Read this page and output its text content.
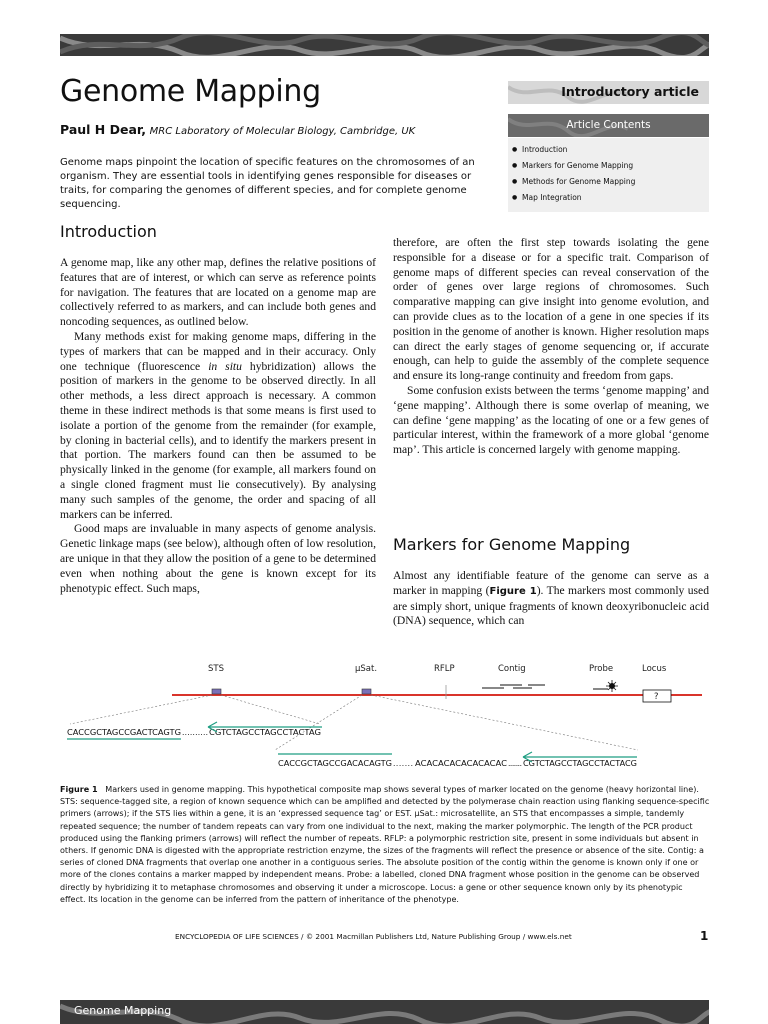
Genome Mapping
Paul H Dear, MRC Laboratory of Molecular Biology, Cambridge, UK
Genome maps pinpoint the location of specific features on the chromosomes of an organism. They are essential tools in identifying genes responsible for diseases or traits, for comparing the genomes of different species, and for complete genome sequencing.
Introductory article
Article Contents
● Introduction
● Markers for Genome Mapping
● Methods for Genome Mapping
● Map Integration
Introduction

A genome map, like any other map, defines the relative positions of features that are of interest, or which can serve as reference points for navigation. The features that are located on a genome map are collectively referred to as markers, and can include both genes and noncoding sequences, as outlined below.

Many methods exist for making genome maps, differing in the types of markers that can be mapped and in their accuracy. Only one technique (fluorescence in situ hybridization) allows the position of markers in the genome to be observed directly. In all other methods, a less direct approach is necessary. A common theme in these indirect methods is that some means is first used to isolate a portion of the genome from the remainder (for example, by cloning in bacterial cells), and to identify the markers present in that portion. The markers found can then be assumed to be physically linked in the genome (for example, all markers found on a single cloned fragment must lie consecutively). By analysing many such samples of the genome, the order and spacing of all markers can be inferred.

Good maps are invaluable in many aspects of genome analysis. Genetic linkage maps (see below), although often of low resolution, are unique in that they allow the position of a gene to be determined even when nothing about the gene is known except for its phenotypic effect. Such maps,

therefore, are often the first step towards isolating the gene responsible for a disease or for a specific trait. Comparison of genome maps of different species can reveal conservation of the order of genes over large regions of chromosomes. Such comparative mapping can give insight into genome evolution, and can provide clues as to the location of a gene in one species if its position in the genome of another is known. Higher resolution maps can direct the early stages of genome sequencing or, if accurate enough, can help to guide the assembly of the complete sequence and ensure its long-range continuity and freedom from gaps.

Some confusion exists between the terms ‘genome mapping’ and ‘gene mapping’. Although there is some overlap of meaning, we can define ‘gene mapping’ as the locating of one or a few genes of particular interest, within the framework of a more global ‘genome map’. This article is concerned largely with genome mapping.

Markers for Genome Mapping

Almost any identifiable feature of the genome can serve as a marker in mapping (Figure 1). The markers most commonly used are simply short, unique fragments of known deoxyribonucleic acid (DNA) sequence, which can

STS	µSat.	RFLP	Contig	Probe	Locus
?
CACCGCTAGCCGACTCAGTG .......... CGTCTAGCCTAGCCTACTAG
CACCGCTAGCCGACACAGTG ....... ACACACACACACACAC ....... CGTCTAGCCTAGCCTACTACG
Figure 1 Markers used in genome mapping. This hypothetical composite map shows several types of marker located on the genome (heavy horizontal line). STS: sequence-tagged site, a region of known sequence which can be amplified and detected by the polymerase chain reaction using flanking sequence-specific primers (arrows); if the STS lies within a gene, it is an ‘expressed sequence tag’ or EST. µSat.: microsatellite, an STS that encompasses a simple, tandemly repeated sequence; the number of tandem repeats can vary from one individual to the next, making the marker polymorphic. The length of the PCR product produced using the flanking primers (arrows) will reflect the number of repeats. RFLP: a polymorphic restriction site, present in some individuals but absent in others. If genomic DNA is digested with the appropriate restriction enzyme, the sizes of the fragments will reflect the presence or absence of the site. Contig: a series of cloned DNA fragments that overlap one another in a contiguous series. The absolute position of the contig within the genome is known only if one or more of the clones contains a marker mapped by independent means. Probe: a labelled, cloned DNA fragment whose position in the genome can be observed directly by hybridizing it to metaphase chromosomes and observing it under a microscope. Locus: a gene or other sequence known only by its phenotypic effect. Its location in the genome can be inferred from the pattern of inheritance of the phenotype.
ENCYCLOPEDIA OF LIFE SCIENCES / © 2001 Macmillan Publishers Ltd, Nature Publishing Group / www.els.net	1
Genome Mapping
